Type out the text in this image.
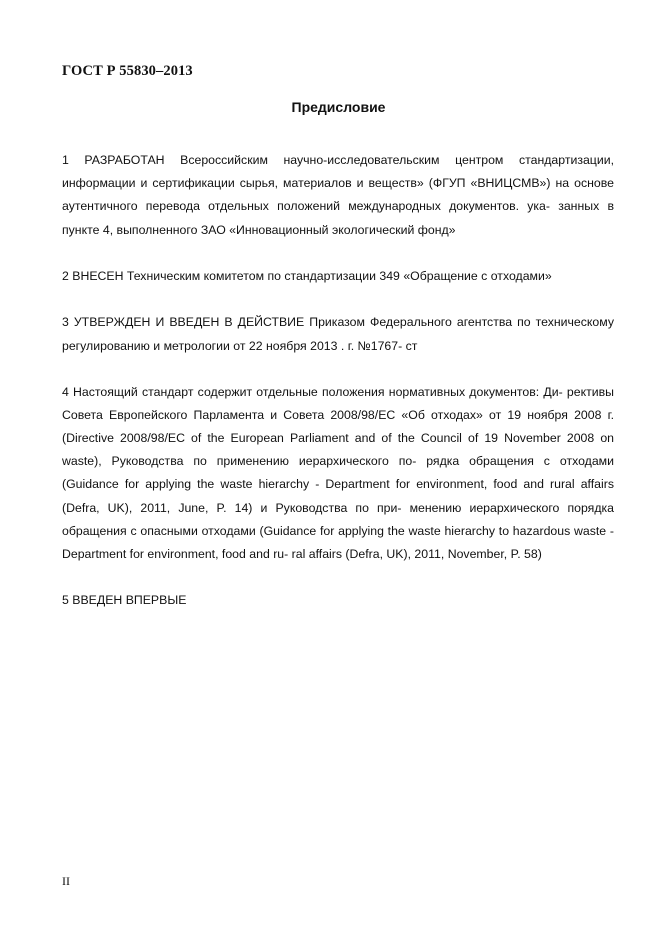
ГОСТ Р 55830–2013

Предисловие

1 РАЗРАБОТАН Всероссийским научно-исследовательским центром стандартизации, информации и сертификации сырья, материалов и веществ» (ФГУП «ВНИЦСМВ») на основе аутентичного перевода отдельных положений международных документов. ука- занных в пункте 4, выполненного ЗАО «Инновационный экологический фонд»

2 ВНЕСЕН Техническим комитетом по стандартизации 349 «Обращение с отходами»

3 УТВЕРЖДЕН И ВВЕДЕН В ДЕЙСТВИЕ Приказом Федерального агентства по техническому регулированию и метрологии от 22 ноября 2013 . г. №1767- ст

4 Настоящий стандарт содержит отдельные положения нормативных документов: Ди- рективы Совета Европейского Парламента и Совета 2008/98/ЕС «Об отходах» от 19 ноября 2008 г. (Directive 2008/98/EC of the European Parliament and of the Council of 19 November 2008 on waste), Руководства по применению иерархического по- рядка обращения с отходами (Guidance for applying the waste hierarchy - Department for environment, food and rural affairs (Defra, UK), 2011, June, P. 14) и Руководства по при- менению иерархического порядка обращения с опасными отходами (Guidance for applying the waste hierarchy to hazardous waste - Department for environment, food and ru- ral affairs (Defra, UK), 2011, November, P. 58)

5 ВВЕДЕН ВПЕРВЫЕ

II
